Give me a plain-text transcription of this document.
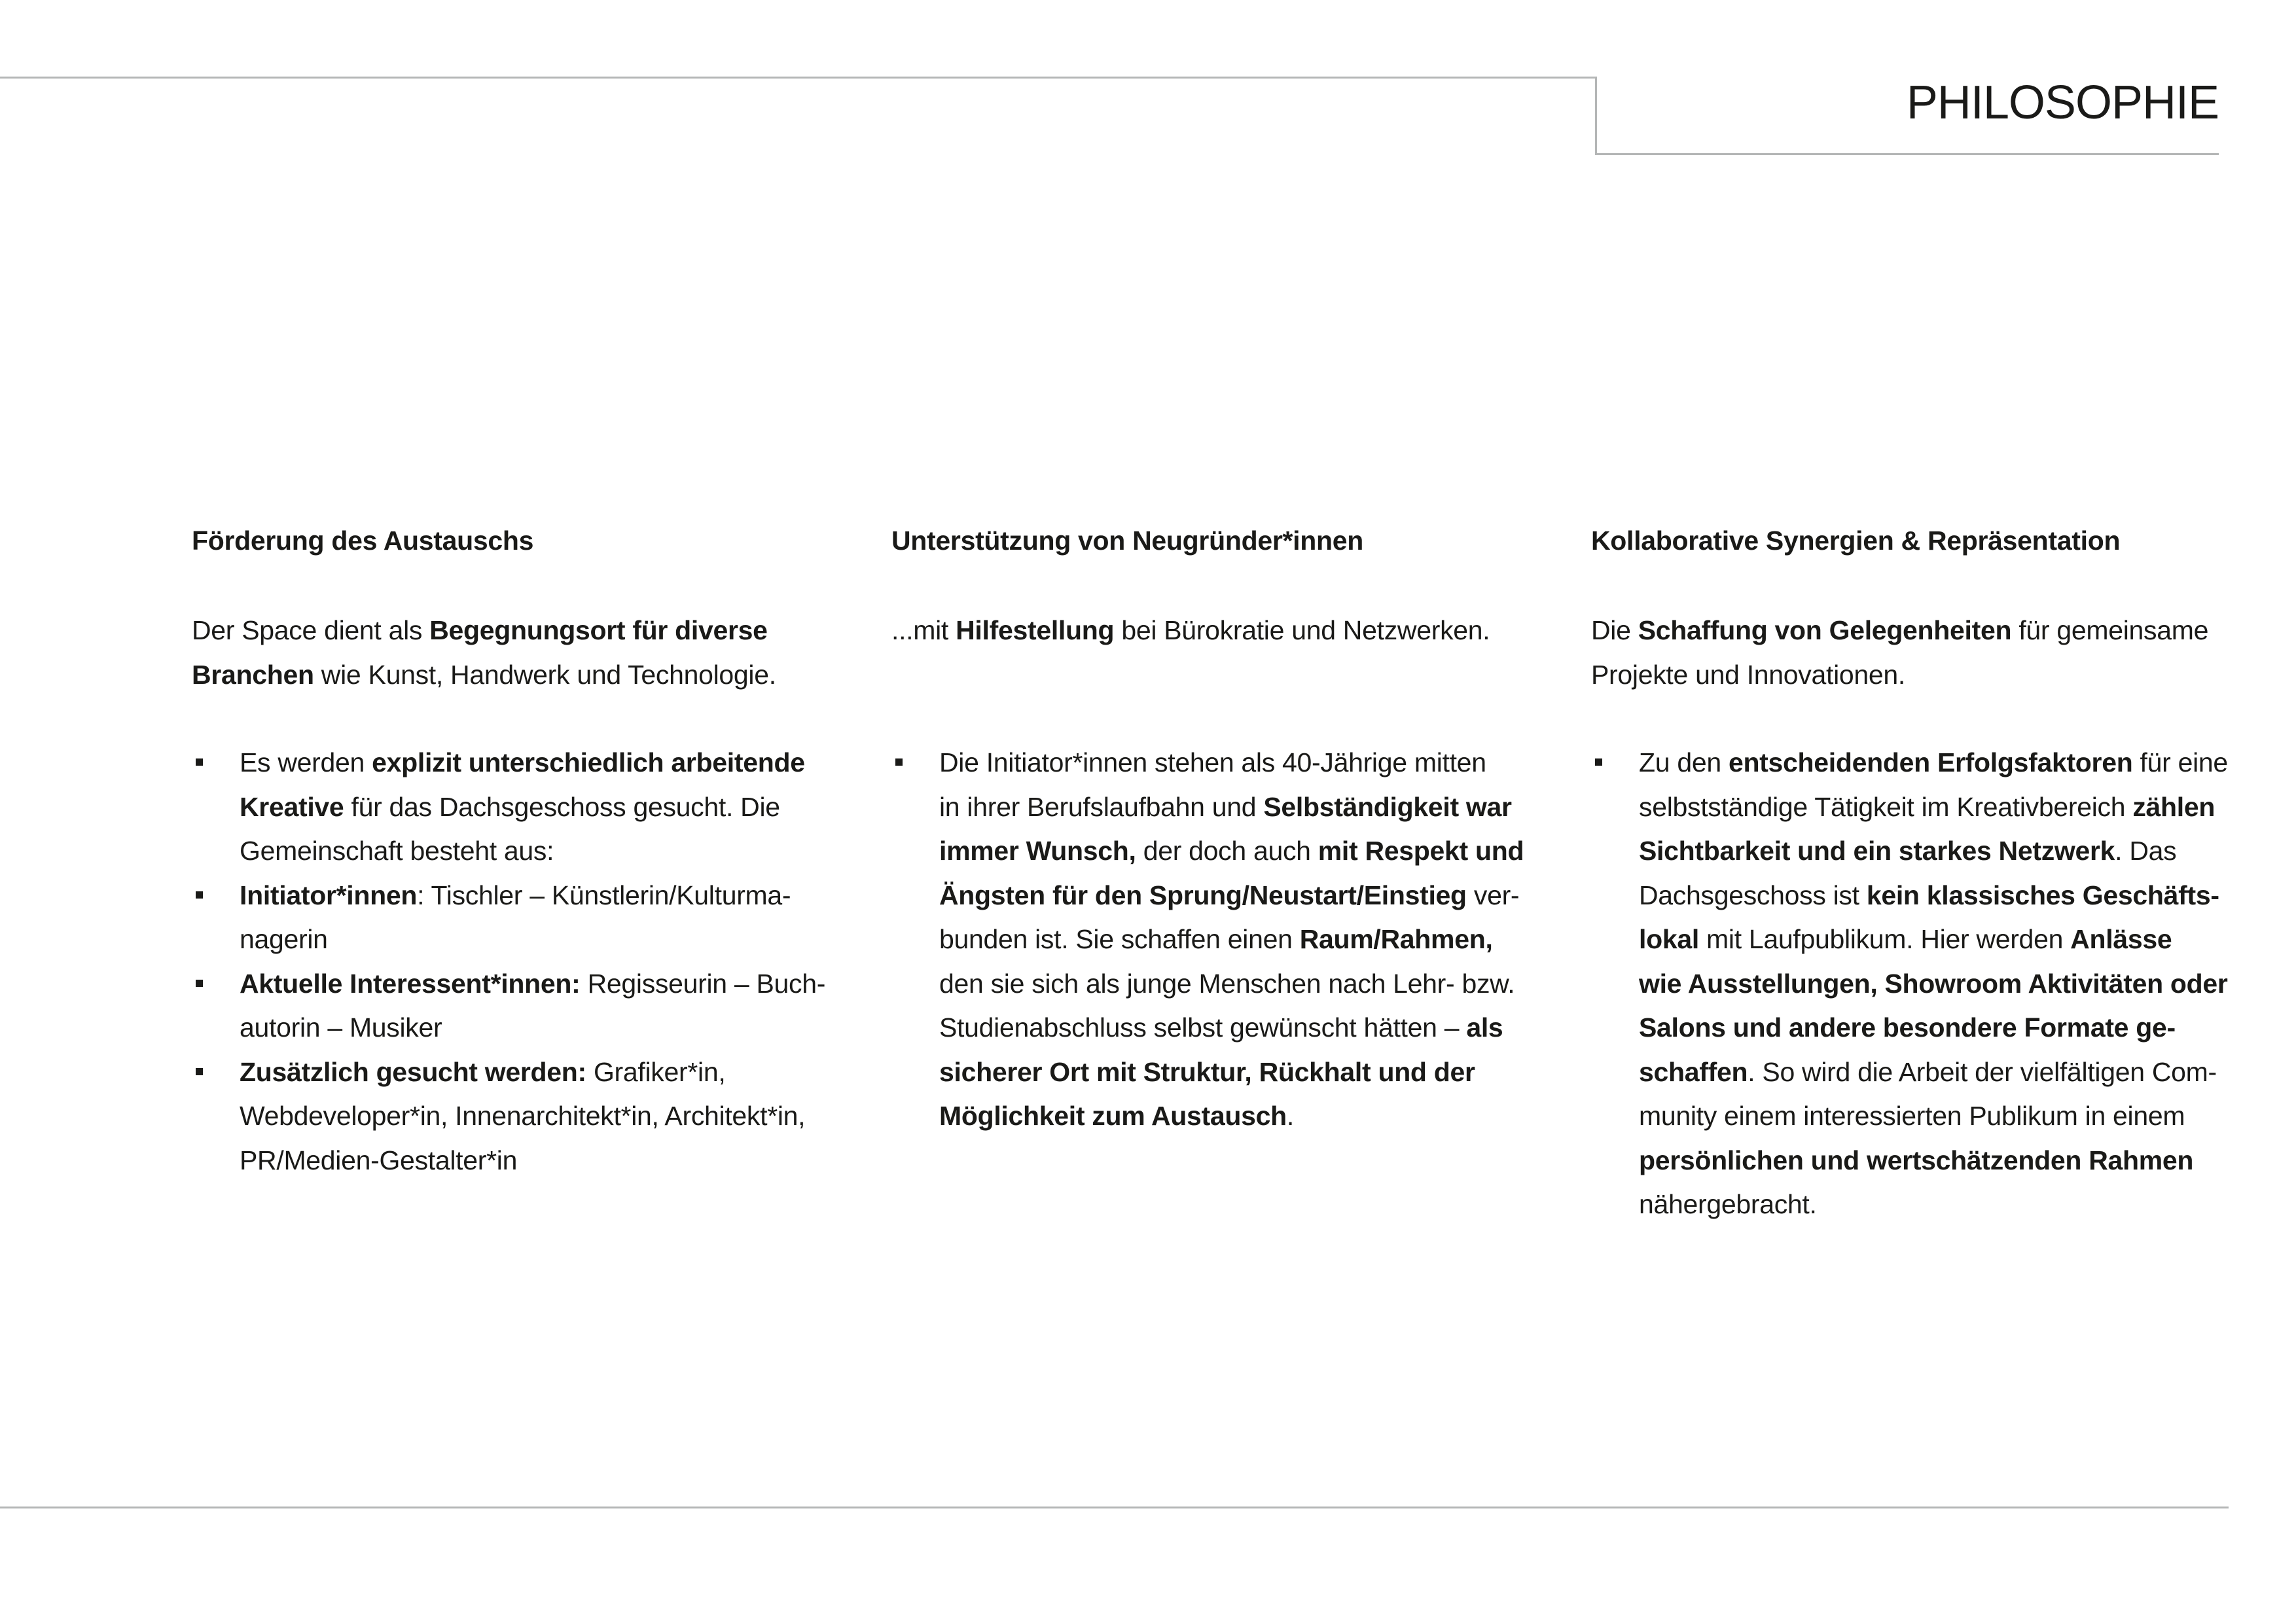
PHILOSOPHIE
Förderung des Austauschs
Der Space dient als Begegnungsort für diverse
Branchen wie Kunst, Handwerk und Technologie.
Es werden explizit unterschiedlich arbeitende
Kreative für das Dachsgeschoss gesucht. Die
Gemeinschaft besteht aus:
Initiator*innen: Tischler – Künstlerin/Kulturma-
nagerin
Aktuelle Interessent*innen: Regisseurin – Buch-
autorin – Musiker
Zusätzlich gesucht werden: Grafiker*in,
Webdeveloper*in, Innenarchitekt*in, Architekt*in,
PR/Medien-Gestalter*in
Unterstützung von Neugründer*innen
...mit Hilfestellung bei Bürokratie und Netzwerken.
Die Initiator*innen stehen als 40-Jährige mitten
in ihrer Berufslaufbahn und Selbständigkeit war
immer Wunsch, der doch auch mit Respekt und
Ängsten für den Sprung/Neustart/Einstieg ver-
bunden ist. Sie schaffen einen Raum/Rahmen,
den sie sich als junge Menschen nach Lehr- bzw.
Studienabschluss selbst gewünscht hätten – als
sicherer Ort mit Struktur, Rückhalt und der
Möglichkeit zum Austausch.
Kollaborative Synergien & Repräsentation
Die Schaffung von Gelegenheiten für gemeinsame
Projekte und Innovationen.
Zu den entscheidenden Erfolgsfaktoren für eine
selbstständige Tätigkeit im Kreativbereich zählen
Sichtbarkeit und ein starkes Netzwerk. Das
Dachsgeschoss ist kein klassisches Geschäfts-
lokal mit Laufpublikum. Hier werden Anlässe
wie Ausstellungen, Showroom Aktivitäten oder
Salons und andere besondere Formate ge-
schaffen. So wird die Arbeit der vielfältigen Com-
munity einem interessierten Publikum in einem
persönlichen und wertschätzenden Rahmen
nähergebracht.
